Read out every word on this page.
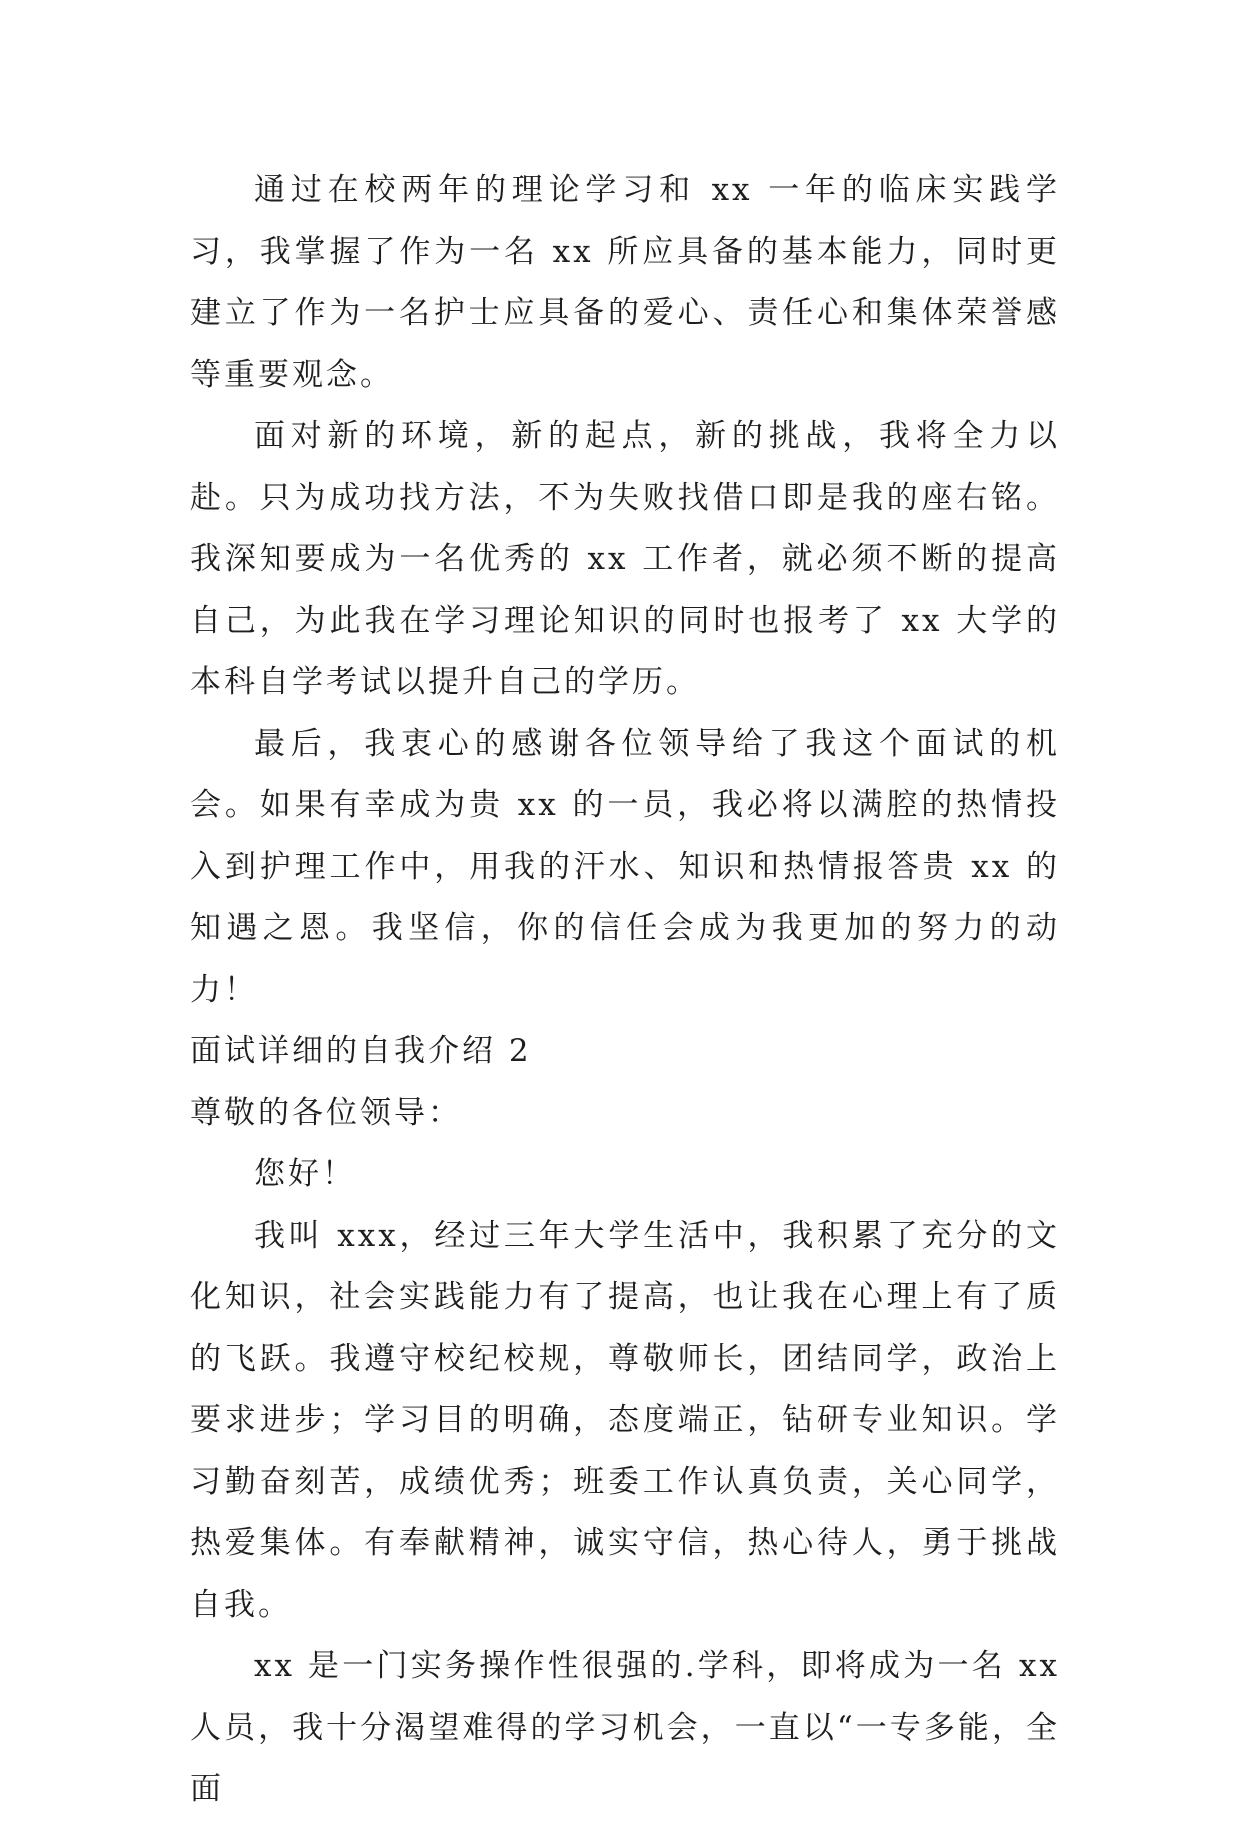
通过在校两年的理论学习和 xx 一年的临床实践学习，我掌握了作为一名 xx 所应具备的基本能力，同时更建立了作为一名护士应具备的爱心、责任心和集体荣誉感等重要观念。

面对新的环境，新的起点，新的挑战，我将全力以赴。只为成功找方法，不为失败找借口即是我的座右铭。我深知要成为一名优秀的 xx 工作者，就必须不断的提高自己，为此我在学习理论知识的同时也报考了 xx 大学的本科自学考试以提升自己的学历。

最后，我衷心的感谢各位领导给了我这个面试的机会。如果有幸成为贵 xx 的一员，我必将以满腔的热情投入到护理工作中，用我的汗水、知识和热情报答贵 xx 的知遇之恩。我坚信，你的信任会成为我更加的努力的动力！

面试详细的自我介绍 2

尊敬的各位领导：

您好！

我叫 xxx，经过三年大学生活中，我积累了充分的文化知识，社会实践能力有了提高，也让我在心理上有了质的飞跃。我遵守校纪校规，尊敬师长，团结同学，政治上要求进步；学习目的明确，态度端正，钻研专业知识。学习勤奋刻苦，成绩优秀；班委工作认真负责，关心同学，热爱集体。有奉献精神，诚实守信，热心待人，勇于挑战自我。

xx 是一门实务操作性很强的.学科，即将成为一名 xx 人员，我十分渴望难得的学习机会，一直以“一专多能，全面
